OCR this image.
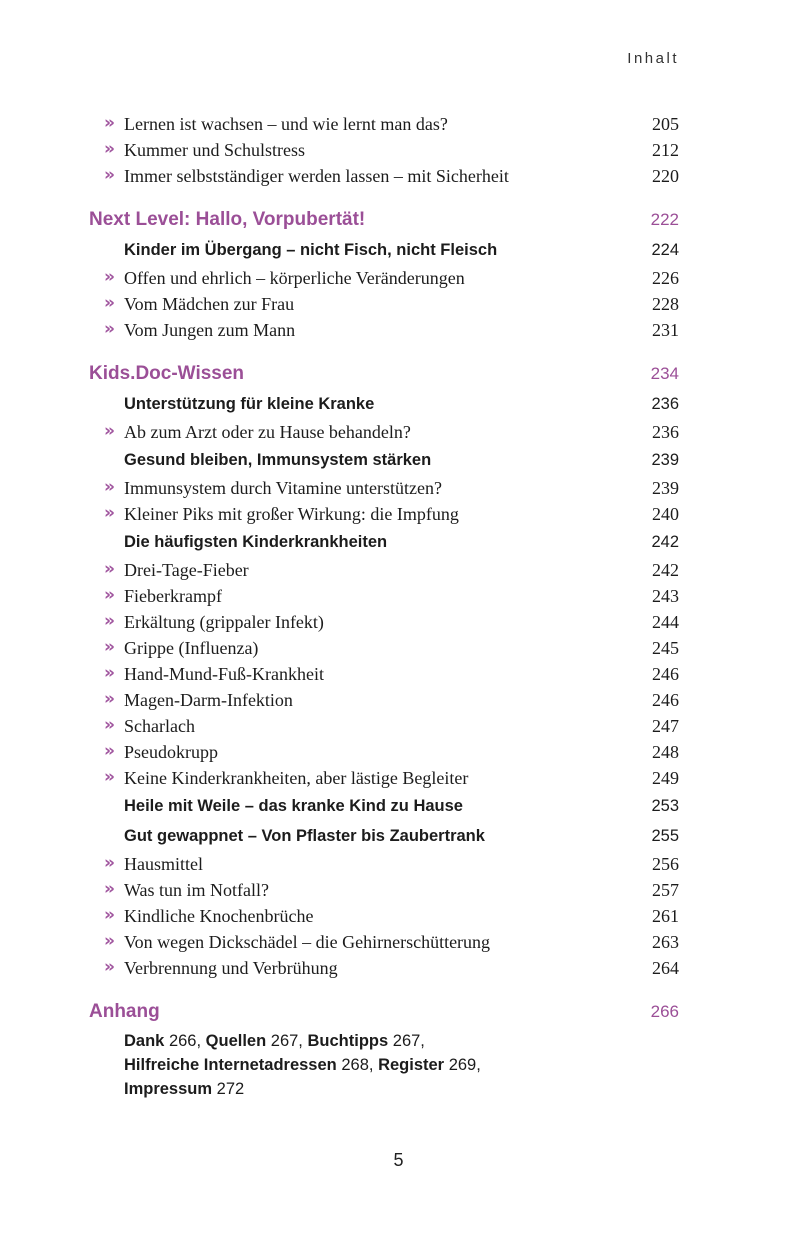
Inhalt
» Lernen ist wachsen – und wie lernt man das?	205
» Kummer und Schulstress	212
» Immer selbstständiger werden lassen – mit Sicherheit	220
Next Level: Hallo, Vorpubertät!	222
Kinder im Übergang – nicht Fisch, nicht Fleisch	224
» Offen und ehrlich – körperliche Veränderungen	226
» Vom Mädchen zur Frau	228
» Vom Jungen zum Mann	231
Kids.Doc-Wissen	234
Unterstützung für kleine Kranke	236
» Ab zum Arzt oder zu Hause behandeln?	236
Gesund bleiben, Immunsystem stärken	239
» Immunsystem durch Vitamine unterstützen?	239
» Kleiner Piks mit großer Wirkung: die Impfung	240
Die häufigsten Kinderkrankheiten	242
» Drei-Tage-Fieber	242
» Fieberkrampf	243
» Erkältung (grippaler Infekt)	244
» Grippe (Influenza)	245
» Hand-Mund-Fuß-Krankheit	246
» Magen-Darm-Infektion	246
» Scharlach	247
» Pseudokrupp	248
» Keine Kinderkrankheiten, aber lästige Begleiter	249
Heile mit Weile – das kranke Kind zu Hause	253
Gut gewappnet – Von Pflaster bis Zaubertrank	255
» Hausmittel	256
» Was tun im Notfall?	257
» Kindliche Knochenbrüche	261
» Von wegen Dickschädel – die Gehirnerschütterung	263
» Verbrennung und Verbrühung	264
Anhang	266
Dank 266, Quellen 267, Buchtipps 267,
Hilfreiche Internetadressen 268, Register 269,
Impressum 272
5
